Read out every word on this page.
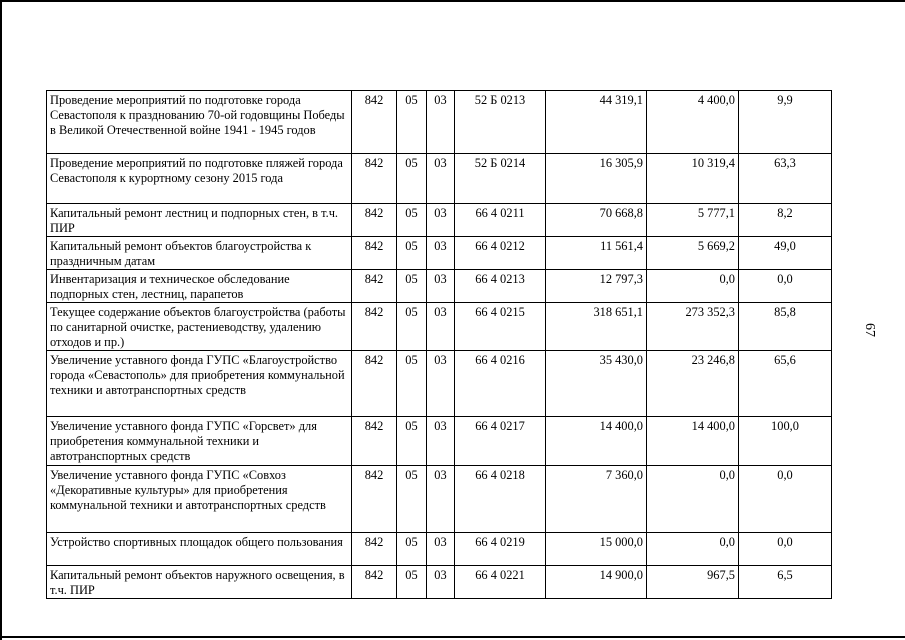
Проведение мероприятий по подготовке города Севастополя к празднованию 70-ой годовщины Победы в Великой Отечественной войне 1941 - 1945 годов	842	05	03	52 Б 0213	44 319,1	4 400,0	9,9
Проведение мероприятий по подготовке пляжей города Севастополя к курортному сезону 2015 года	842	05	03	52 Б 0214	16 305,9	10 319,4	63,3
Капитальный ремонт лестниц и подпорных стен, в т.ч. ПИР	842	05	03	66 4 0211	70 668,8	5 777,1	8,2
Капитальный ремонт объектов благоустройства к праздничным датам	842	05	03	66 4 0212	11 561,4	5 669,2	49,0
Инвентаризация и техническое обследование подпорных стен, лестниц, парапетов	842	05	03	66 4 0213	12 797,3	0,0	0,0
Текущее содержание объектов благоустройства (работы по санитарной очистке, растениеводству, удалению отходов и пр.)	842	05	03	66 4 0215	318 651,1	273 352,3	85,8
Увеличение уставного фонда ГУПС «Благоустройство города «Севастополь» для приобретения коммунальной техники и автотранспортных средств	842	05	03	66 4 0216	35 430,0	23 246,8	65,6
Увеличение уставного фонда ГУПС «Горсвет» для приобретения коммунальной техники и автотранспортных средств	842	05	03	66 4 0217	14 400,0	14 400,0	100,0
Увеличение уставного фонда ГУПС «Совхоз «Декоративные культуры» для приобретения коммунальной техники и автотранспортных средств	842	05	03	66 4 0218	7 360,0	0,0	0,0
Устройство спортивных площадок общего пользования	842	05	03	66 4 0219	15 000,0	0,0	0,0
Капитальный ремонт объектов наружного освещения, в т.ч. ПИР	842	05	03	66 4 0221	14 900,0	967,5	6,5
67
